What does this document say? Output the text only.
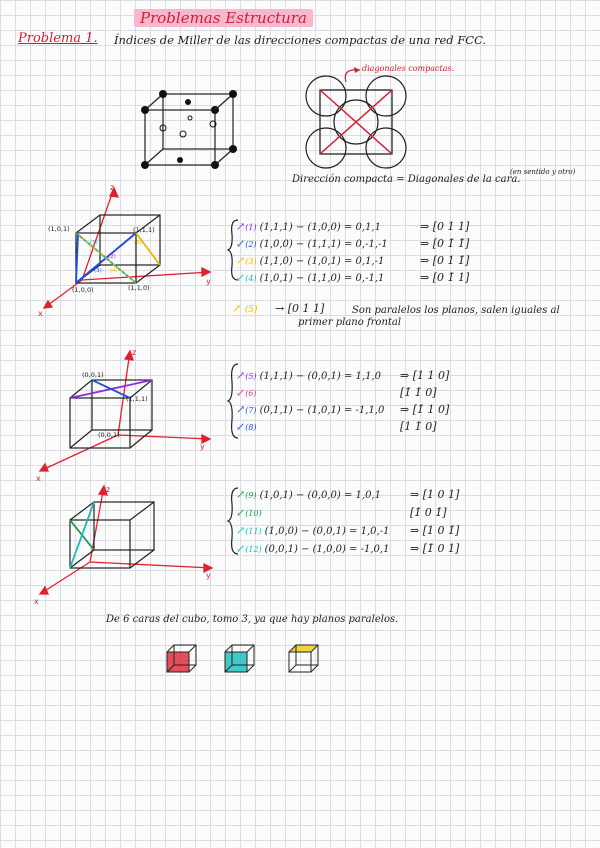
Problemas Estructura
Problema 1. Índices de Miller de las direcciones compactas de una red FCC.
diagonales compactas.
Dirección compacta = Diagonales de la cara.
(en sentido y otro)
z
y
x
(1,0,1)	(1,1,1)
(1,0,0)	(1,1,0)
(1)
(2)
(3) (4)
(5)
↗(1) (1,1,1) − (1,0,0) = 0,1,1	⇒ [0 1 1]
↙(2) (1,0,0) − (1,1,1) = 0,-1,-1	⇒ [0 1̄ 1̄]
↗(3) (1,1,0) − (1,0,1) = 0,1,-1	⇒ [0 1 1̄]
↙(4) (1,0,1) − (1,1,0) = 0,-1,1	⇒ [0 1̄ 1]
↗ (5) → [0 1 1]	Son paralelos los planos, salen iguales al
primer plano frontal
z
y
x
(0,0,1)
(1,1,1)
(0,0,1)
↗(5) (1,1,1) − (0,0,1) = 1,1,0 ⇒ [1 1 0]
↙(6)	[1̄ 1̄ 0]
↗(7) (0,1,1) − (1,0,1) = -1,1,0 ⇒ [1̄ 1 0]
↙(8)	[1 1̄ 0]
z
y
x
↗(9) (1,0,1) − (0,0,0) = 1,0,1	⇒ [1 0 1]
↙(10)	[1̄ 0 1̄]
↗(11) (1,0,0) − (0,0,1) = 1,0,-1 ⇒ [1 0 1̄]
↙(12) (0,0,1) − (1,0,0) = -1,0,1 ⇒ [1̄ 0 1]
De 6 caras del cubo, tomo 3, ya que hay planos paralelos.
